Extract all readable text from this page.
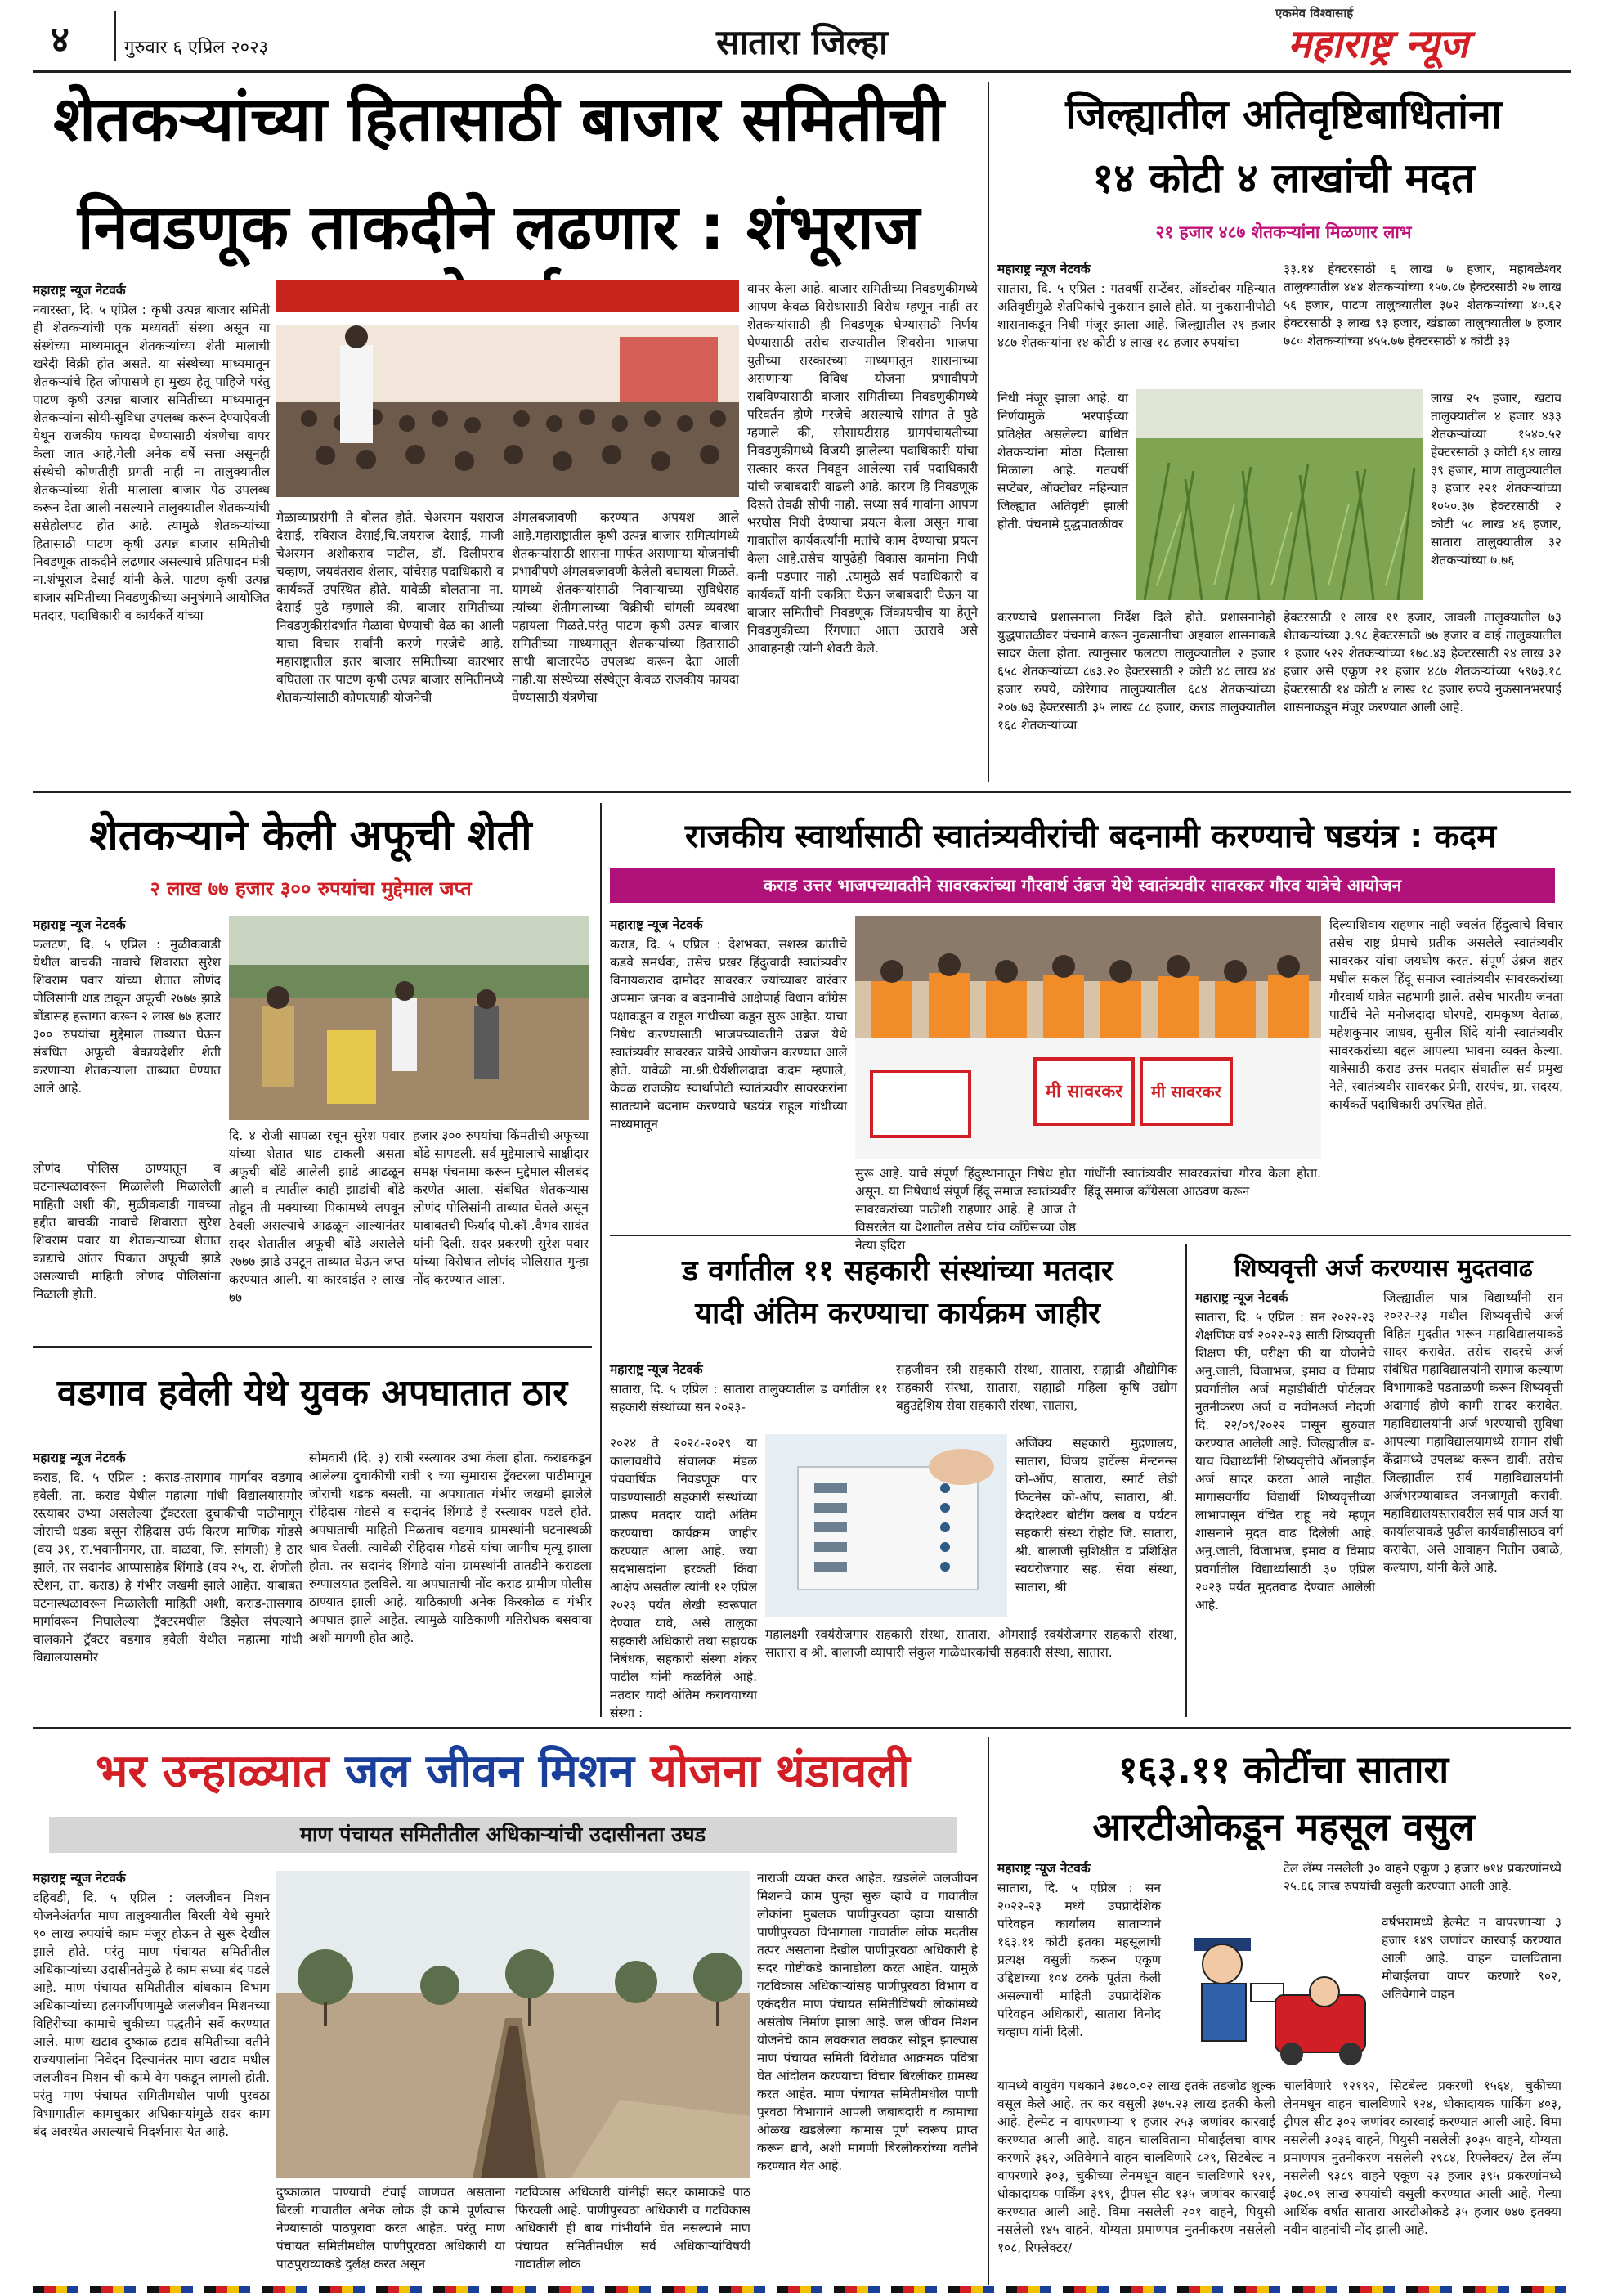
४	गुरुवार ६ एप्रिल २०२३	सातारा जिल्हा
एकमेव विश्वासार्ह
महाराष्ट्र न्यूज
शेतकऱ्यांच्या हितासाठी बाजार समितीची
निवडणूक ताकदीने लढणार : शंभूराज
महाराष्ट्र न्यूज नेटवर्क
नवारस्ता, दि. ५ एप्रिल : कृषी उत्पन्न बाजार समिती ही शेतकऱ्यांची एक मध्यवर्ती संस्था असून या संस्थेच्या माध्यमातून शेतकऱ्यांच्या शेती मालाची खरेदी विक्री होत असते. या संस्थेच्या माध्यमातून शेतकऱ्यांचे हित जोपासणे हा मुख्य हेतू पाहिजे परंतु पाटण कृषी उत्पन्न बाजार समितीच्या माध्यमातून शेतकऱ्यांना सोयी-सुविधा उपलब्ध करून देण्याऐवजी येथून राजकीय फायदा घेण्यासाठी यंत्रणेचा वापर केला जात आहे.गेली अनेक वर्षे सत्ता असूनही संस्थेची कोणतीही प्रगती नाही ना तालुक्यातील शेतकऱ्यांच्या शेती मालाला बाजार पेठ उपलब्ध करून देता आली नसल्याने तालुक्यातील शेतकऱ्यांची ससेहोलपट होत आहे. त्यामुळे शेतकऱ्यांच्या हितासाठी पाटण कृषी उत्पन्न बाजार समितीची निवडणूक ताकदीने लढणार असल्याचे प्रतिपादन मंत्री ना.शंभूराज देसाई यांनी केले. पाटण कृषी उत्पन्न बाजार समितीच्या निवडणुकीच्या अनुषंगाने आयोजित मतदार, पदाधिकारी व कार्यकर्ते यांच्या
मेळाव्याप्रसंगी ते बोलत होते. चेअरमन यशराज देसाई, रविराज देसाई,चि.जयराज देसाई, माजी चेअरमन अशोकराव पाटील, डॉ. दिलीपराव चव्हाण, जयवंतराव शेलार, यांचेसह पदाधिकारी व कार्यकर्ते उपस्थित होते. यावेळी बोलताना ना. देसाई पुढे म्हणाले की, बाजार समितीच्या निवडणुकीसंदर्भात मेळावा घेण्याची वेळ का आली याचा विचार सर्वांनी करणे गरजेचे आहे. महाराष्ट्रातील इतर बाजार समितीच्या कारभार बघितला तर पाटण कृषी उत्पन्न बाजार समितीमध्ये शेतकऱ्यांसाठी कोणत्याही योजनेची
अंमलबजावणी करण्यात अपयश आले आहे.महाराष्ट्रातील कृषी उत्पन्न बाजार समित्यांमध्ये शेतकऱ्यांसाठी शासना मार्फत असणाऱ्या योजनांची प्रभावीपणे अंमलबजावणी केलेली बघायला मिळते. यामध्ये शेतकऱ्यांसाठी निवाऱ्याच्या सुविधेसह त्यांच्या शेतीमालाच्या विक्रीची चांगली व्यवस्था पहायला मिळते.परंतु पाटण कृषी उत्पन्न बाजार समितीच्या माध्यमातून शेतकऱ्यांच्या हितासाठी साधी बाजारपेठ उपलब्ध करून देता आली नाही.या संस्थेच्या संस्थेतून केवळ राजकीय फायदा घेण्यासाठी यंत्रणेचा
वापर केला आहे. बाजार समितीच्या निवडणुकीमध्ये आपण केवळ विरोधासाठी विरोध म्हणून नाही तर शेतकऱ्यांसाठी ही निवडणूक घेण्यासाठी निर्णय घेण्यासाठी तसेच राज्यातील शिवसेना भाजपा युतीच्या सरकारच्या माध्यमातून शासनाच्या असणाऱ्या विविध योजना प्रभावीपणे राबविण्यासाठी बाजार समितीच्या निवडणुकीमध्ये परिवर्तन होणे गरजेचे असल्याचे सांगत ते पुढे म्हणाले की, सोसायटीसह ग्रामपंचायतीच्या निवडणुकीमध्ये विजयी झालेल्या पदाधिकारी यांचा सत्कार करत निवडून आलेल्या सर्व पदाधिकारी यांची जबाबदारी वाढली आहे. कारण हि निवडणूक दिसते तेवढी सोपी नाही. सध्या सर्व गावांना आपण भरघोस निधी देण्याचा प्रयत्न केला असून गावा गावातील कार्यकर्त्यांनी मतांचे काम देण्याचा प्रयत्न केला आहे.तसेच यापुढेही विकास कामांना निधी कमी पडणार नाही .त्यामुळे सर्व पदाधिकारी व कार्यकर्ते यांनी एकत्रित येऊन जबाबदारी घेऊन या बाजार समितीची निवडणूक जिंकायचीच या हेतूने निवडणुकीच्या रिंगणात आता उतरावे असे आवाहनही त्यांनी शेवटी केले.
जिल्ह्यातील अतिवृष्टिबाधितांना
१४ कोटी ४ लाखांची मदत
२१ हजार ४८७ शेतकऱ्यांना मिळणार लाभ
महाराष्ट्र न्यूज नेटवर्क
सातारा, दि. ५ एप्रिल : गतवर्षी सप्टेंबर, ऑक्टोबर महिन्यात अतिवृष्टीमुळे शेतपिकांचे नुकसान झाले होते. या नुकसानीपोटी शासनाकडून निधी मंजूर झाला आहे. जिल्ह्यातील २१ हजार ४८७ शेतकऱ्यांना १४ कोटी ४ लाख १८ हजार रुपयांचा
निधी मंजूर झाला आहे. या निर्णयामुळे भरपाईच्या प्रतिक्षेत असलेल्या बाधित शेतकऱ्यांना मोठा दिलासा मिळाला आहे. गतवर्षी सप्टेंबर, ऑक्टोबर महिन्यात जिल्ह्यात अतिवृष्टी झाली होती. पंचनामे युद्धपातळीवर
करण्याचे प्रशासनाला निर्देश दिले होते. प्रशासनानेही युद्धपातळीवर पंचनामे करून नुकसानीचा अहवाल शासनाकडे सादर केला होता. त्यानुसार फलटण तालुक्यातील २ हजार ६५८ शेतकऱ्यांच्या ८७३.२० हेक्टरसाठी २ कोटी ४८ लाख ४४ हजार रुपये, कोरेगाव तालुक्यातील ६८४ शेतकऱ्यांच्या २०७.७३ हेक्टरसाठी ३५ लाख ८८ हजार, कराड तालुक्यातील १६८ शेतकऱ्यांच्या
३३.१४ हेक्टरसाठी ६ लाख ७ हजार, महाबळेश्वर तालुक्यातील ४४४ शेतकऱ्यांच्या १५७.८७ हेक्टरसाठी २७ लाख ५६ हजार, पाटण तालुक्यातील ३७२ शेतकऱ्यांच्या ४०.६२ हेक्टरसाठी ३ लाख ९३ हजार, खंडाळा तालुक्यातील ७ हजार ७८० शेतकऱ्यांच्या ४५५.७७ हेक्टरसाठी ४ कोटी ३३
लाख २५ हजार, खटाव तालुक्यातील ४ हजार ४३३ शेतकऱ्यांच्या १५४०.५२ हेक्टरसाठी ३ कोटी ६४ लाख ३९ हजार, माण तालुक्यातील ३ हजार २२१ शेतकऱ्यांच्या १०५०.३७ हेक्टरसाठी २ कोटी ५८ लाख ४६ हजार, सातारा तालुक्यातील ३२ शेतकऱ्यांच्या ७.७६
हेक्टरसाठी १ लाख ११ हजार, जावली तालुक्यातील ७३ शेतकऱ्यांच्या ३.९८ हेक्टरसाठी ७७ हजार व वाई तालुक्यातील १ हजार ५२२ शेतकऱ्यांच्या १७८.४३ हेक्टरसाठी २४ लाख ३२ हजार असे एकूण २१ हजार ४८७ शेतकऱ्यांच्या ५९७३.१८ हेक्टरसाठी १४ कोटी ४ लाख १८ हजार रुपये नुकसानभरपाई शासनाकडून मंजूर करण्यात आली आहे.
शेतकऱ्याने केली अफूची शेती
२ लाख ७७ हजार ३०० रुपयांचा मुद्देमाल जप्त
महाराष्ट्र न्यूज नेटवर्क
फलटण, दि. ५ एप्रिल : मुळीकवाडी येथील बाचकी नावाचे शिवारात सुरेश शिवराम पवार यांच्या शेतात लोणंद पोलिसांनी धाड टाकून अफूची २७७७ झाडे बोंडासह हस्तगत करून २ लाख ७७ हजार ३०० रुपयांचा मुद्देमाल ताब्यात घेऊन संबंधित अफूची बेकायदेशीर शेती करणाऱ्या शेतकऱ्याला ताब्यात घेण्यात आले आहे.
लोणंद पोलिस ठाण्यातून व घटनास्थळावरून मिळालेली मिळालेली माहिती अशी की, मुळीकवाडी गावच्या हद्दीत बाचकी नावाचे शिवारात सुरेश शिवराम पवार या शेतकऱ्याच्या शेतात काद्याचे आंतर पिकात अफूची झाडे असल्याची माहिती लोणंद पोलिसांना मिळाली होती.
दि. ४ रोजी सापळा रचून सुरेश पवार यांच्या शेतात धाड टाकली असता अफूची बोंडे आलेली झाडे आढळून आली व त्यातील काही झाडांची बोंडे तोडून ती मक्याच्या पिकामध्ये लपवून ठेवली असल्याचे आढळून आल्यानंतर सदर शेतातील अफूची बोंडे असलेले २७७७ झाडे उपटून ताब्यात घेऊन जप्त करण्यात आली. या कारवाईत २ लाख ७७
हजार ३०० रुपयांचा किंमतीची अफूच्या बोंडे सापडली. सर्व मुद्देमालाचे साक्षीदार समक्ष पंचनामा करून मुद्देमाल सीलबंद करणेत आला. संबंधित शेतकऱ्यास लोणंद पोलिसांनी ताब्यात घेतले असून याबाबतची फिर्याद पो.कॉ .वैभव सावंत यांनी दिली. सदर प्रकरणी सुरेश पवार यांच्या विरोधात लोणंद पोलिसात गुन्हा नोंद करण्यात आला.
राजकीय स्वार्थासाठी स्वातंत्र्यवीरांची बदनामी करण्याचे षडयंत्र : कदम
कराड उत्तर भाजपच्यावतीने सावरकरांच्या गौरवार्थ उंब्रज येथे स्वातंत्र्यवीर सावरकर गौरव यात्रेचे आयोजन
महाराष्ट्र न्यूज नेटवर्क
कराड, दि. ५ एप्रिल : देशभक्त, सशस्त्र क्रांतीचे कडवे समर्थक, तसेच प्रखर हिंदुत्वादी स्वातंत्र्यवीर विनायकराव दामोदर सावरकर ज्यांच्याबर वारंवार अपमान जनक व बदनामीचे आक्षेपार्ह विधान काँग्रेस पक्षाकडून व राहूल गांधीच्या कडून सुरू आहेत. याचा निषेध करण्यासाठी भाजपच्यावतीने उंब्रज येथे स्वातंत्र्यवीर सावरकर यात्रेचे आयोजन करण्यात आले होते. यावेळी मा.श्री.धैर्यशीलदादा कदम म्हणाले, केवळ राजकीय स्वार्थापोटी स्वातंत्र्यवीर सावरकरांना सातत्याने बदनाम करण्याचे षडयंत्र राहूल गांधीच्या माध्यमातून
मी सावरकर मी सावरकर
सुरू आहे. याचे संपूर्ण हिंदुस्थानातून निषेध होत असून. या निषेधार्थ संपूर्ण हिंदू समाज स्वातंत्र्यवीर सावरकरांच्या पाठीशी राहणार आहे. हे आज ते विसरलेत या देशातील तसेच यांच काँग्रेसच्या जेष्ठ नेत्या इंदिरा
गांधींनी स्वातंत्र्यवीर सावरकरांचा गौरव केला होता. हिंदू समाज काँग्रेसला आठवण करून
दिल्याशिवाय राहणार नाही ज्वलंत हिंदुत्वाचे विचार तसेच राष्ट्र प्रेमाचे प्रतीक असलेले स्वातंत्र्यवीर सावरकर यांचा जयघोष करत. संपूर्ण उंब्रज शहर मधील सकल हिंदू समाज स्वातंत्र्यवीर सावरकरांच्या गौरवार्थ यात्रेत सहभागी झाले. तसेच भारतीय जनता पार्टीचे नेते मनोजदादा घोरपडे, रामकृष्ण वेताळ, महेशकुमार जाधव, सुनील शिंदे यांनी स्वातंत्र्यवीर सावरकरांच्या बद्दल आपल्या भावना व्यक्त केल्या. यात्रेसाठी कराड उत्तर मतदार संघातील सर्व प्रमुख नेते, स्वातंत्र्यवीर सावरकर प्रेमी, सरपंच, ग्रा. सदस्य, कार्यकर्ते पदाधिकारी उपस्थित होते.
वडगाव हवेली येथे युवक अपघातात ठार
महाराष्ट्र न्यूज नेटवर्क
कराड, दि. ५ एप्रिल : कराड-तासगाव मार्गावर वडगाव हवेली, ता. कराड येथील महात्मा गांधी विद्यालयासमोर रस्त्याबर उभ्या असलेल्या ट्रॅक्टरला दुचाकीची पाठीमागून जोराची धडक बसून रोहिदास उर्फ किरण माणिक गोडसे (वय ३१, रा.भवानीनगर, ता. वाळवा, जि. सांगली) हे ठार झाले, तर सदानंद आप्पासाहेब शिंगाडे (वय २५, रा. शेणोली स्टेशन, ता. कराड) हे गंभीर जखमी झाले आहेत. याबाबत घटनास्थळावरून मिळालेली माहिती अशी, कराड-तासगाव मार्गावरून निघालेल्या ट्रॅक्टरमधील डिझेल संपल्याने चालकाने ट्रॅक्टर वडगाव हवेली येथील महात्मा गांधी विद्यालयासमोर
सोमवारी (दि. ३) रात्री रस्त्यावर उभा केला होता. कराडकडून आलेल्या दुचाकीची रात्री ९ च्या सुमारास ट्रॅक्टरला पाठीमागून जोराची धडक बसली. या अपघातात गंभीर जखमी झालेले रोहिदास गोडसे व सदानंद शिंगाडे हे रस्त्यावर पडले होते. अपघाताची माहिती मिळताच वडगाव ग्रामस्थांनी घटनास्थळी धाव घेतली. त्यावेळी रोहिदास गोडसे यांचा जागीच मृत्यू झाला होता. तर सदानंद शिंगाडे यांना ग्रामस्थांनी तातडीने कराडला रुग्णालयात हलविले. या अपघाताची नोंद कराड ग्रामीण पोलीस ठाण्यात झाली आहे. याठिकाणी अनेक किरकोळ व गंभीर अपघात झाले आहेत. त्यामुळे याठिकाणी गतिरोधक बसवावा अशी मागणी होत आहे.
ड वर्गातील ११ सहकारी संस्थांच्या मतदार
यादी अंतिम करण्याचा कार्यक्रम जाहीर
महाराष्ट्र न्यूज नेटवर्क
सातारा, दि. ५ एप्रिल : सातारा तालुक्यातील ड वर्गातील ११ सहकारी संस्थांच्या सन २०२३-
२०२४ ते २०२८-२०२९ या कालावधीचे संचालक मंडळ पंचवार्षिक निवडणूक पार पाडण्यासाठी सहकारी संस्थांच्या प्रारूप मतदार यादी अंतिम करण्याचा कार्यक्रम जाहीर करण्यात आला आहे. ज्या सदभासदांना हरकती किंवा आक्षेप असतील त्यांनी १२ एप्रिल २०२३ पर्यंत लेखी स्वरूपात देण्यात यावे, असे तालुका सहकारी अधिकारी तथा सहायक निबंधक, सहकारी संस्था शंकर पाटील यांनी कळविले आहे. मतदार यादी अंतिम करावयाच्या संस्था :
सहजीवन स्त्री सहकारी संस्था, सातारा, सह्याद्री औद्योगिक सहकारी संस्था, सातारा, सह्याद्री महिला कृषि उद्योग बहुउद्देशिय सेवा सहकारी संस्था, सातारा,
अजिंक्य सहकारी मुद्रणालय, सातारा, विजय हार्टेल्स मेन्टनन्स को-ऑप, सातारा, स्मार्ट लेडी फिटनेस को-ऑप, सातारा, श्री. केदारेश्वर बोटींग क्लब व पर्यटन सहकारी संस्था रोहोट जि. सातारा, श्री. बालाजी सुशिक्षीत व प्रशिक्षित स्वयंरोजगार सह. सेवा संस्था, सातारा, श्री
महालक्ष्मी स्वयंरोजगार सहकारी संस्था, सातारा, ओमसाई स्वयंरोजगार सहकारी संस्था, सातारा व श्री. बालाजी व्यापारी संकुल गाळेधारकांची सहकारी संस्था, सातारा.
शिष्यवृत्ती अर्ज करण्यास मुदतवाढ
महाराष्ट्र न्यूज नेटवर्क
सातारा, दि. ५ एप्रिल : सन २०२२-२३ शैक्षणिक वर्ष २०२२-२३ साठी शिष्यवृत्ती शिक्षण फी, परीक्षा फी या योजनेचे अनु.जाती, विजाभज, इमाव व विमाप्र प्रवर्गातील अर्ज महाडीबीटी पोर्टलवर नुतनीकरण अर्ज व नवीनअर्ज नोंदणी दि. २२/०९/२०२२ पासून सुरुवात करण्यात आलेली आहे. जिल्ह्यातील ब-याच विद्यार्थ्यांनी शिष्यवृत्तीचे ऑनलाईन अर्ज सादर करता आले नाहीत. मागासवर्गीय विद्यार्थी शिष्यवृत्तीच्या लाभापासून वंचित राहू नये म्हणून शासनाने मुदत वाढ दिलेली आहे. अनु.जाती, विजाभज, इमाव व विमाप्र प्रवर्गातील विद्यार्थ्यांसाठी ३० एप्रिल २०२३ पर्यंत मुदतवाढ देण्यात आलेली आहे.
जिल्ह्यातील पात्र विद्यार्थ्यांनी सन २०२२-२३ मधील शिष्यवृत्तीचे अर्ज विहित मुदतीत भरून महाविद्यालयाकडे सादर करावेत. तसेच सदरचे अर्ज संबंधित महाविद्यालयांनी समाज कल्याण विभागाकडे पडताळणी करून शिष्यवृत्ती अदागाई होणे कामी सादर करावेत. महाविद्यालयांनी अर्ज भरण्याची सुविधा आपल्या महाविद्यालयामध्ये समान संधी केंद्रामध्ये उपलब्ध करून द्यावी. तसेच जिल्ह्यातील सर्व महाविद्यालयांनी अर्जभरण्याबाबत जनजागृती करावी. महाविद्यालयस्तरावरील सर्व पात्र अर्ज या कार्यालयाकडे पुढील कार्यवाहीसाठव वर्ग करावेत, असे आवाहन नितीन उबाळे, कल्याण, यांनी केले आहे.
भर उन्हाळ्यात जल जीवन मिशन योजना थंडावली
माण पंचायत समितीतील अधिकाऱ्यांची उदासीनता उघड
महाराष्ट्र न्यूज नेटवर्क
दहिवडी, दि. ५ एप्रिल : जलजीवन मिशन योजनेअंतर्गत माण तालुक्यातील बिरली येथे सुमारे ९० लाख रुपयांचे काम मंजूर होऊन ते सुरू देखील झाले होते. परंतु माण पंचायत समितीतील अधिकाऱ्यांच्या उदासीनतेमुळे हे काम सध्या बंद पडले आहे. माण पंचायत समितीतील बांधकाम विभाग अधिकाऱ्यांच्या हलगर्जीपणामुळे जलजीवन मिशनच्या विहिरीच्या कामाचे चुकीच्या पद्धतीने सर्वे करण्यात आले. माण खटाव दुष्काळ हटाव समितीच्या वतीने राज्यपालांना निवेदन दिल्यानंतर माण खटाव मधील जलजीवन मिशन ची कामे वेग पकडून लागली होती. परंतु माण पंचायत समितीमधील पाणी पुरवठा विभागातील कामचुकार अधिकाऱ्यांमुळे सदर काम बंद अवस्थेत असल्याचे निदर्शनास येत आहे.
दुष्काळात पाण्याची टंचाई जाणवत असताना बिरली गावातील अनेक लोक ही कामे पूर्णत्वास नेण्यासाठी पाठपुरावा करत आहेत. परंतु माण पंचायत समितीमधील पाणीपुरवठा अधिकारी या पाठपुराव्याकडे दुर्लक्ष करत असून
गटविकास अधिकारी यांनीही सदर कामाकडे पाठ फिरवली आहे. पाणीपुरवठा अधिकारी व गटविकास अधिकारी ही बाब गांभीर्याने घेत नसल्याने माण पंचायत समितीमधील सर्व अधिकाऱ्यांविषयी गावातील लोक
नाराजी व्यक्त करत आहेत. खडलेले जलजीवन मिशनचे काम पुन्हा सुरू व्हावे व गावातील लोकांना मुबलक पाणीपुरवठा व्हावा यासाठी पाणीपुरवठा विभागाला गावातील लोक मदतीस तत्पर असताना देखील पाणीपुरवठा अधिकारी हे सदर गोष्टीकडे कानाडोळा करत आहेत. यामुळे गटविकास अधिकाऱ्यांसह पाणीपुरवठा विभाग व एकंदरीत माण पंचायत समितीविषयी लोकांमध्ये असंतोष निर्माण झाला आहे. जल जीवन मिशन योजनेचे काम लवकरात लवकर सोडून झाल्यास माण पंचायत समिती विरोधात आक्रमक पवित्रा घेत आंदोलन करण्याचा विचार बिरलीकर ग्रामस्थ करत आहेत. माण पंचायत समितीमधील पाणी पुरवठा विभागाने आपली जबाबदारी व कामाचा ओळख खडलेल्या कामास पूर्ण स्वरूप प्राप्त करून द्यावे, अशी मागणी बिरलीकरांच्या वतीने करण्यात येत आहे.
१६३.११ कोटींचा सातारा
आरटीओकडून महसूल वसुल
महाराष्ट्र न्यूज नेटवर्क
सातारा, दि. ५ एप्रिल : सन २०२२-२३ मध्ये उपप्रादेशिक परिवहन कार्यालय साताऱ्याने १६३.११ कोटी इतका महसूलाची प्रत्यक्ष वसुली करून एकूण उद्दिष्टाच्या १०४ टक्के पूर्तता केली असल्याची माहिती उपप्रादेशिक परिवहन अधिकारी, सातारा विनोद चव्हाण यांनी दिली.
यामध्ये वायुवेग पथकाने ३७८०.०२ लाख इतके तडजोड शुल्क वसूल केले आहे. तर कर वसुली ३७५.२३ लाख इतकी केली आहे. हेल्मेट न वापरणाऱ्या १ हजार २५३ जणांवर कारवाई करण्यात आली आहे. वाहन चालविताना मोबाईलचा वापर करणारे ३६२, अतिवेगाने वाहन चालविणारे ८२९, सिटबेल्ट न वापरणारे ३०३, चुकीच्या लेनमधून वाहन चालविणारे १२१, धोकादायक पार्किंग ३९१, ट्रीपल सीट १३५ जणांवर कारवाई करण्यात आली आहे. विमा नसलेली २०१ वाहने, पियुसी नसलेली १४५ वाहने, योग्यता प्रमाणपत्र नुतनीकरण नसलेली १०८, रिफ्लेक्टर/
टेल लॅम्प नसलेली ३० वाहने एकूण ३ हजार ७१४ प्रकरणांमध्ये २५.६६ लाख रुपयांची वसुली करण्यात आली आहे.
वर्षभरामध्ये हेल्मेट न वापरणाऱ्या ३ हजार १४९ जणांवर कारवाई करण्यात आली आहे. वाहन चालविताना मोबाईलचा वापर करणारे ९०२, अतिवेगाने वाहन
चालविणारे १२१९२, सिटबेल्ट प्रकरणी १५६४, चुकीच्या लेनमधून वाहन चालविणारे १२४, धोकादायक पार्किंग ४०३, ट्रीपल सीट ३०२ जणांवर कारवाई करण्यात आली आहे. विमा नसलेली ३०३६ वाहने, पियुसी नसलेली ३०३५ वाहने, योग्यता प्रमाणपत्र नुतनीकरण नसलेली २९८४, रिफ्लेक्टर/ टेल लॅम्प नसलेली ९३८९ वाहने एकूण २३ हजार ३९५ प्रकरणांमध्ये ३७८.०१ लाख रुपयांची वसुली करण्यात आली आहे. गेल्या आर्थिक वर्षात सातारा आरटीओकडे ३५ हजार ७४७ इतक्या नवीन वाहनांची नोंद झाली आहे.
